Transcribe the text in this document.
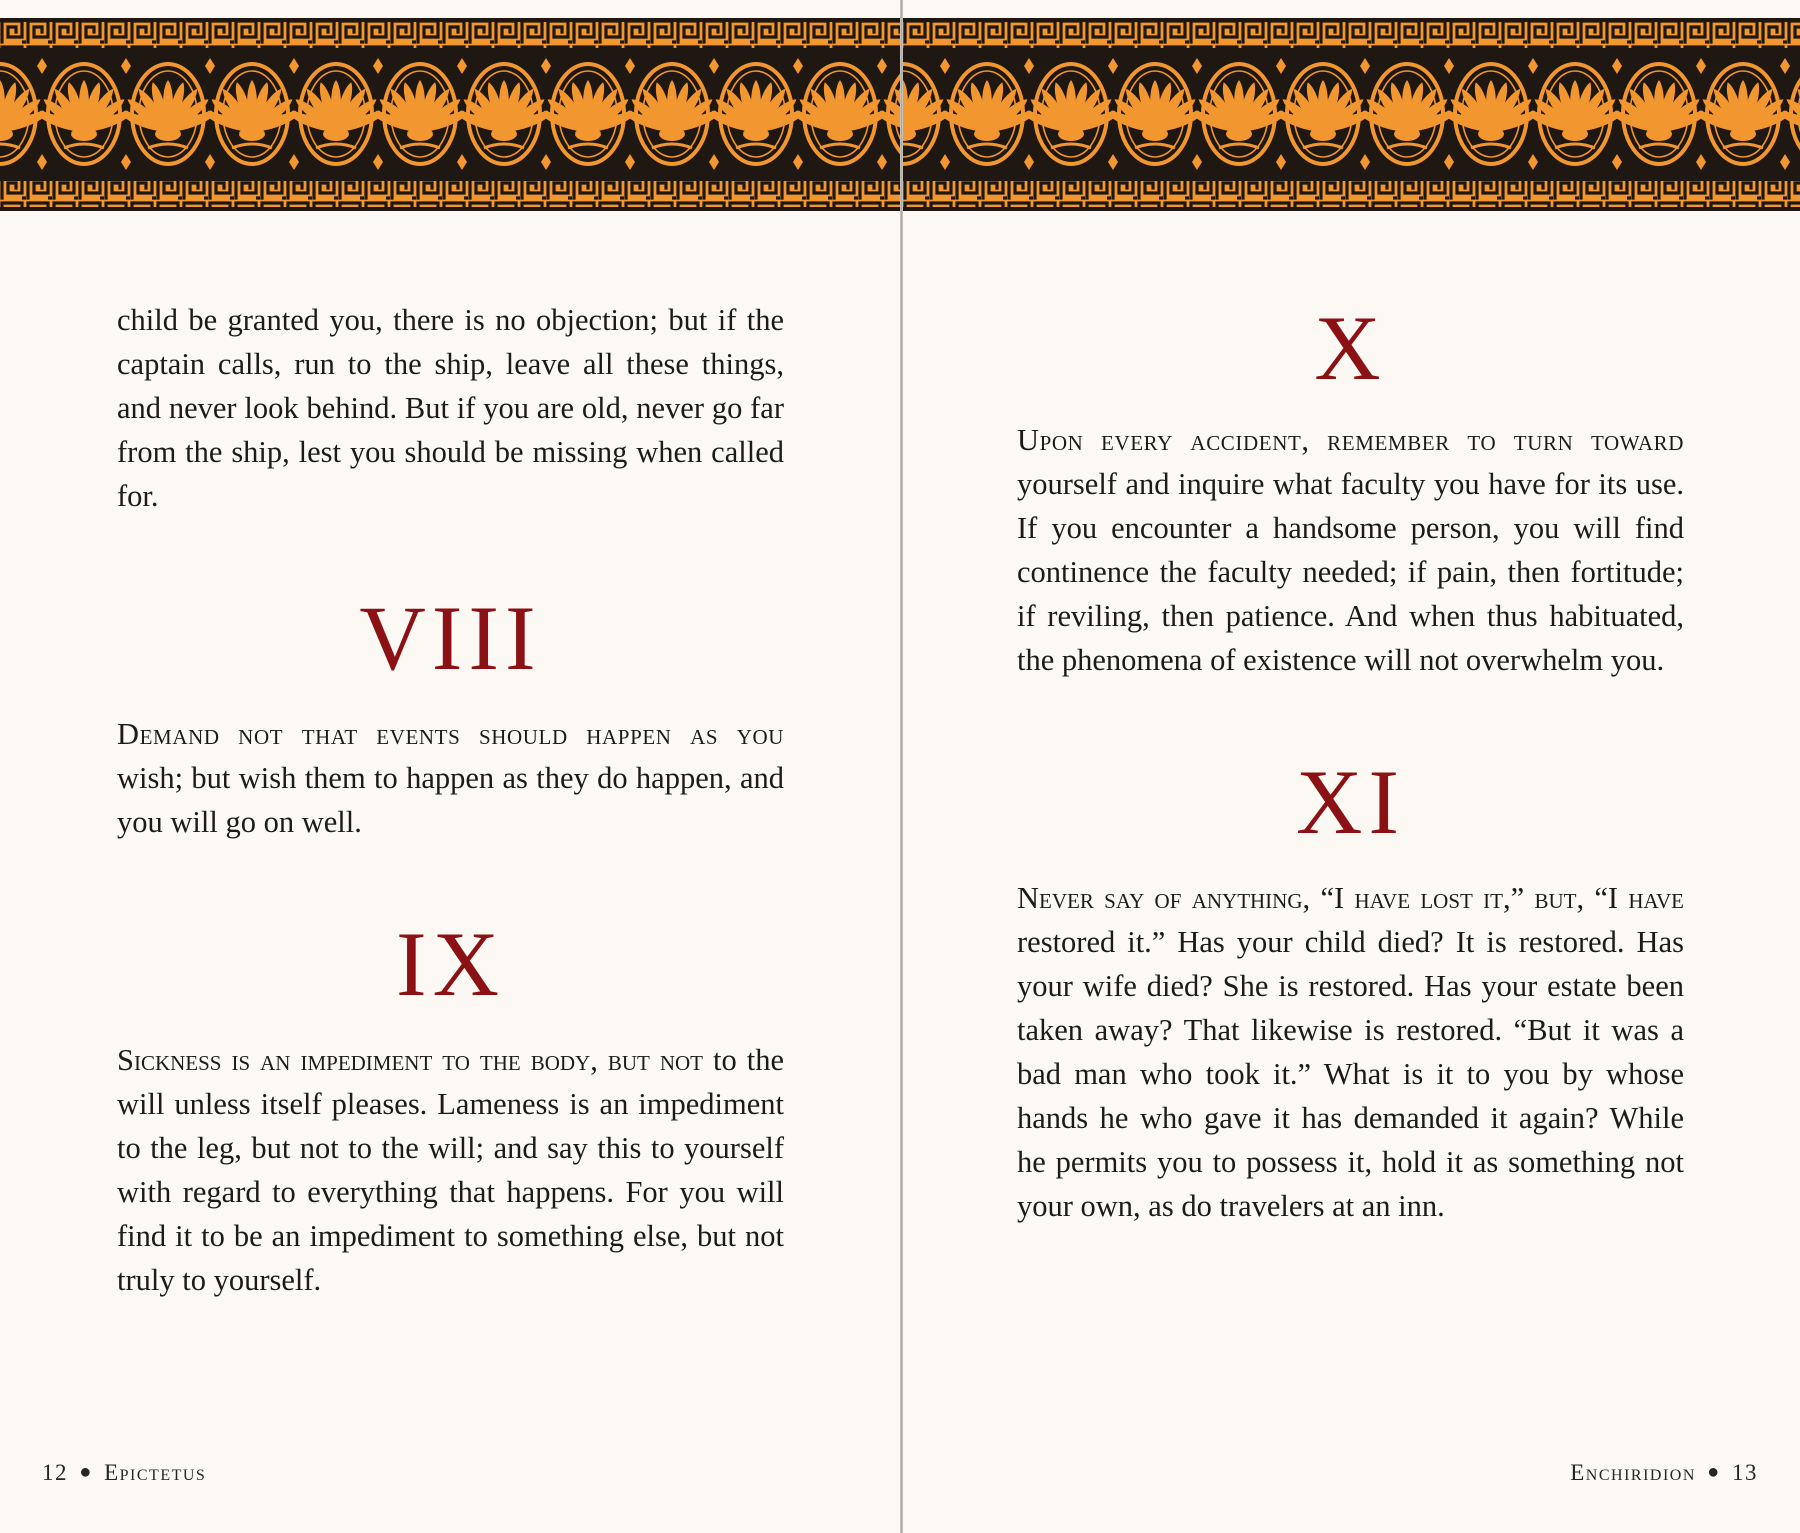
child be granted you, there is no objection; but if the captain calls, run to the ship, leave all these things, and never look behind. But if you are old, never go far from the ship, lest you should be missing when called for.

VIII

Demand not that events should happen as you wish; but wish them to happen as they do happen, and you will go on well.

IX

Sickness is an impediment to the body, but not to the will unless itself pleases. Lameness is an impediment to the leg, but not to the will; and say this to yourself with regard to everything that happens. For you will find it to be an impediment to something else, but not truly to yourself.

12 ● Epictetus
X

Upon every accident, remember to turn toward yourself and inquire what faculty you have for its use. If you encounter a handsome person, you will find continence the faculty needed; if pain, then fortitude; if reviling, then patience. And when thus habituated, the phenomena of existence will not overwhelm you.

XI

Never say of anything, “I have lost it,” but, “I have restored it.” Has your child died? It is restored. Has your wife died? She is restored. Has your estate been taken away? That likewise is restored. “But it was a bad man who took it.” What is it to you by whose hands he who gave it has demanded it again? While he permits you to possess it, hold it as something not your own, as do travelers at an inn.

Enchiridion ● 13
